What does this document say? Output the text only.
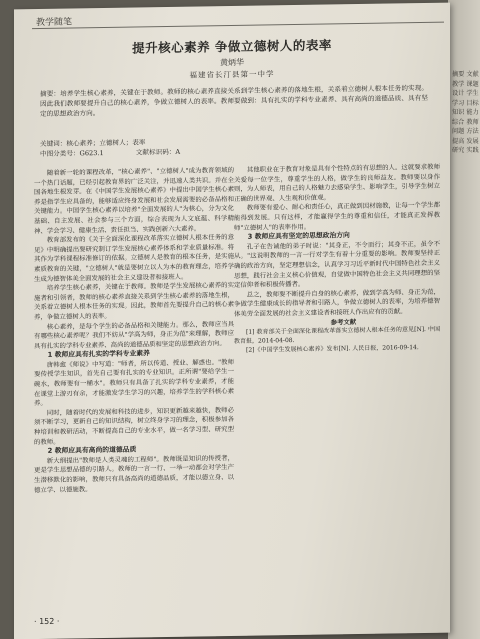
摘要 文献 教学 课题 设计 学生 学习 目标 知识 能力 综合 教师 问题 方法 提高 发展 研究 实践
教学随笔
提升核心素养 争做立德树人的表率
黄炳华
福建省长汀县第一中学
摘要：培养学生核心素养，关键在于教师。教师的核心素养直接关系到学生核心素养的落地生根，关系着立德树人根本任务的实现。因此我们教师要提升自己的核心素养，争做立德树人的表率。教师要做到：具有扎实的学科专业素养、具有高尚的道德品质、具有坚定的思想政治方向。
关键词：核心素养；立德树人；表率
中图分类号：G623.1	文献标识码：A

随着新一轮的课程改革，"核心素养"、"立德树人"成为教育领域的一个热门话题，已经引起教育界的广泛关注，并迅速人类共识。并在全国各地生根发芽。在《中国学生发展核心素养》中提出中国学生核心素养是指学生应具备的，能够适应终身发展和社会发展需要的必备品格和关键能力。中国学生核心素养以培养"全面发展的人"为核心，分为文化基础、自主发展、社会参与三个方面，综合表现为人文底蕴、科学精神、学会学习、健康生活、责任担当、实践创新六大素养。

教育部发布的《关于全面深化课程改革落实立德树人根本任务的意见》中明确提出要研究制订学生发展核心素养体系和学业质量标准。将其作为学科课程标准修订的依据。立德树人是教育的根本任务，是实施素质教育的关键，"立德树人"就是要树立以人为本的教育理念，培养学生成为德智体美全面发展的社会主义建设者和接班人。

培养学生核心素养，关键在于教师。教师是学生发展核心素养的实施者和引领者，教师的核心素养直接关系到学生核心素养的落地生根，关系着立德树人根本任务的实现。因此，教师首先要提升自己的核心素养，争做立德树人的表率。

核心素养，是每个学生的必备品格和关键能力。那么，教师应当具有哪些核心素养呢？我们不妨从"学高为师，身正为范"来理解，教师应具有扎实的学科专业素养、高尚的道德品质和坚定的思想政治方向。

1 教师应具有扎实的学科专业素养

唐韩愈《师说》中写道："师者，所以传道、授业、解惑也。"教师要传授学生知识，首先自己要有扎实的专业知识。正所谓"要给学生一碗水，教师要有一桶水"。教师只有具备了扎实的学科专业素养，才能在课堂上游刃有余，才能激发学生学习的兴趣，培养学生的学科核心素养。

同时，随着时代的发展和科技的进步，知识更新越来越快，教师必须不断学习，更新自己的知识结构，树立终身学习的理念，积极参加各种培训和教研活动，不断提高自己的专业水平，做一名学习型、研究型的教师。

2 教师应具有高尚的道德品质

新大纲提出"教师是人类灵魂的工程师"。教师既是知识的传授者，更是学生思想品德的引路人。教师的一言一行、一举一动都会对学生产生潜移默化的影响，教师只有具备高尚的道德品质，才能以德立身、以德立学、以德施教。

其他职业在于教育对象是具有个性特点的有思想的人。这就要求教师关爱每一位学生，尊重学生的人格，做学生的良师益友。教师要以身作则，为人师表，用自己的人格魅力去感染学生、影响学生，引导学生树立正确的世界观、人生观和价值观。

教师要有爱心、耐心和责任心，真正做到因材施教，让每一个学生都能得到发展。只有这样，才能赢得学生的尊重和信任，才能真正发挥教师"立德树人"的表率作用。

3 教师应具有坚定的思想政治方向

孔子在告诫他的弟子时说："其身正，不令而行；其身不正，虽令不从。"这说明教师的一言一行对学生有着十分重要的影响。教师要坚持正确的政治方向，坚定理想信念，认真学习习近平新时代中国特色社会主义思想，践行社会主义核心价值观，自觉做中国特色社会主义共同理想的坚定信仰者和积极传播者。

总之，教师要不断提升自身的核心素养，做到学高为师、身正为范，争做学生健康成长的指导者和引路人，争做立德树人的表率，为培养德智体美劳全面发展的社会主义建设者和接班人作出应有的贡献。

参考文献

[1] 教育部关于全面深化课程改革落实立德树人根本任务的意见[N]. 中国教育报，2014-04-08.

[2]《中国学生发展核心素养》发布[N]. 人民日报，2016-09-14.

· 152 ·
